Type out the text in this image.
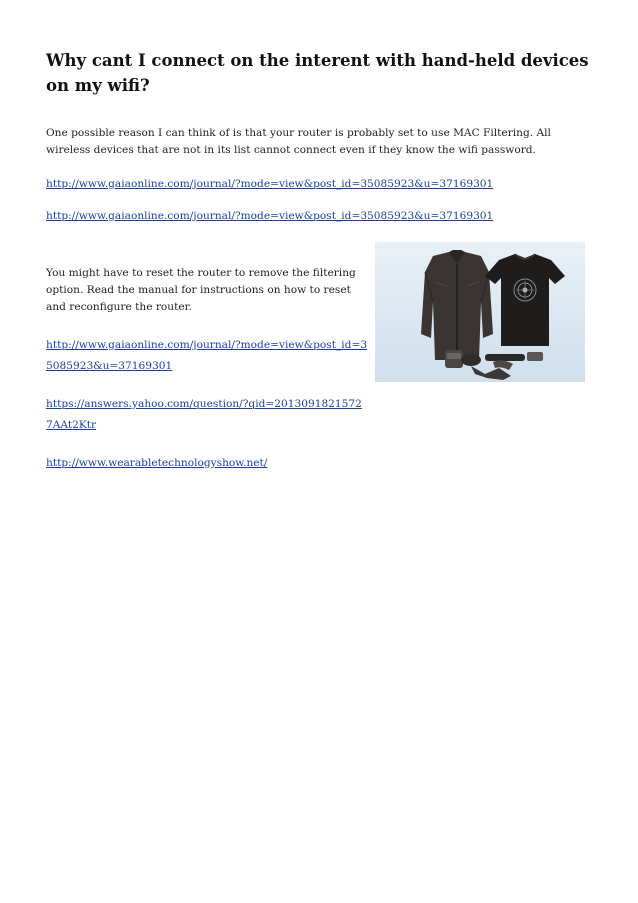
Why cant I connect on the interent with hand-held devices on my wifi?

One possible reason I can think of is that your router is probably set to use MAC Filtering. All wireless devices that are not in its list cannot connect even if they know the wifi password.

http://www.gaiaonline.com/journal/?mode=view&post_id=35085923&u=37169301

http://www.gaiaonline.com/journal/?mode=view&post_id=35085923&u=37169301

You might have to reset the router to remove the filtering option. Read the manual for instructions on how to reset and reconfigure the router.

http://www.gaiaonline.com/journal/?mode=view&post_id=35085923&u=37169301

https://answers.yahoo.com/question/?qid=20130918215727AAt2Ktr

http://www.wearabletechnologyshow.net/
